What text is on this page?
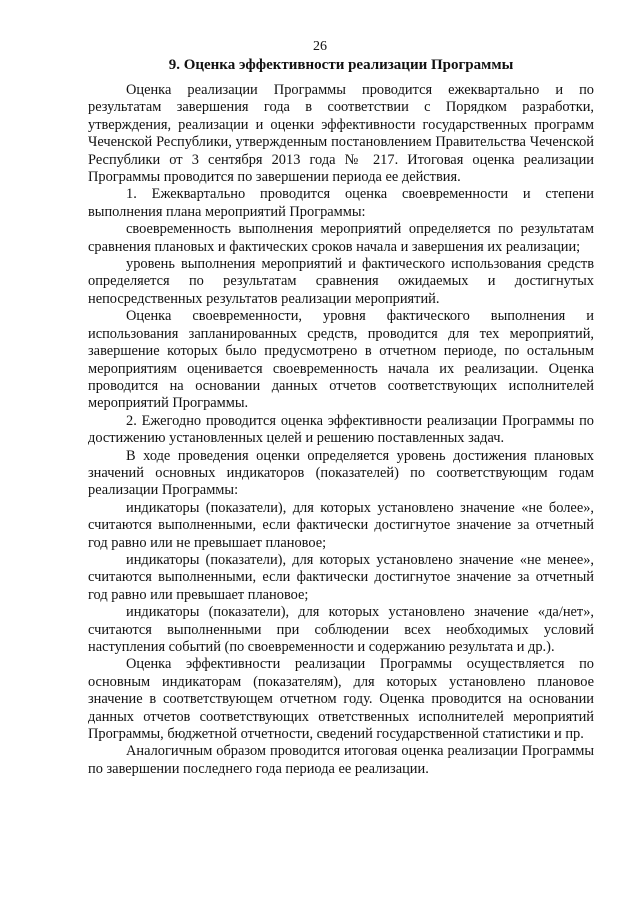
26
9. Оценка эффективности реализации Программы

Оценка реализации Программы проводится ежеквартально и по результатам завершения года в соответствии с Порядком разработки, утверждения, реализации и оценки эффективности государственных программ Чеченской Республики, утвержденным постановлением Правительства Чеченской Республики от 3 сентября 2013 года № 217. Итоговая оценка реализации Программы проводится по завершении периода ее действия.

1. Ежеквартально проводится оценка своевременности и степени выполнения плана мероприятий Программы:

своевременность выполнения мероприятий определяется по результатам сравнения плановых и фактических сроков начала и завершения их реализации;

уровень выполнения мероприятий и фактического использования средств определяется по результатам сравнения ожидаемых и достигнутых непосредственных результатов реализации мероприятий.

Оценка своевременности, уровня фактического выполнения и использования запланированных средств, проводится для тех мероприятий, завершение которых было предусмотрено в отчетном периоде, по остальным мероприятиям оценивается своевременность начала их реализации. Оценка проводится на основании данных отчетов соответствующих исполнителей мероприятий Программы.

2. Ежегодно проводится оценка эффективности реализации Программы по достижению установленных целей и решению поставленных задач.

В ходе проведения оценки определяется уровень достижения плановых значений основных индикаторов (показателей) по соответствующим годам реализации Программы:

индикаторы (показатели), для которых установлено значение «не более», считаются выполненными, если фактически достигнутое значение за отчетный год равно или не превышает плановое;

индикаторы (показатели), для которых установлено значение «не менее», считаются выполненными, если фактически достигнутое значение за отчетный год равно или превышает плановое;

индикаторы (показатели), для которых установлено значение «да/нет», считаются выполненными при соблюдении всех необходимых условий наступления событий (по своевременности и содержанию результата и др.).

Оценка эффективности реализации Программы осуществляется по основным индикаторам (показателям), для которых установлено плановое значение в соответствующем отчетном году. Оценка проводится на основании данных отчетов соответствующих ответственных исполнителей мероприятий Программы, бюджетной отчетности, сведений государственной статистики и пр.

Аналогичным образом проводится итоговая оценка реализации Программы по завершении последнего года периода ее реализации.
